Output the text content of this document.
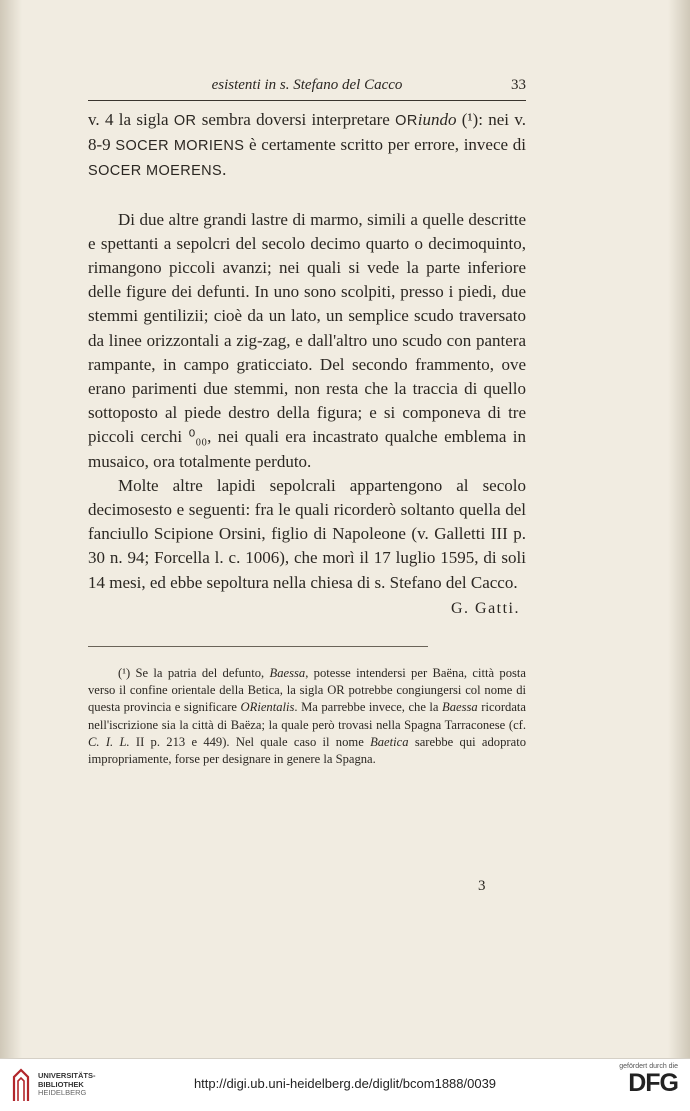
esistenti in s. Stefano del Cacco	33

v. 4 la sigla OR sembra doversi interpretare ORiundo (¹): nei v. 8-9 SOCER MORIENS è certamente scritto per errore, invece di SOCER MOERENS.

Di due altre grandi lastre di marmo, simili a quelle descritte e spettanti a sepolcri del secolo decimo quarto o decimoquinto, rimangono piccoli avanzi; nei quali si vede la parte inferiore delle figure dei defunti. In uno sono scolpiti, presso i piedi, due stemmi gentilizii; cioè da un lato, un semplice scudo traversato da linee orizzontali a zig-zag, e dall'altro uno scudo con pantera rampante, in campo graticciato. Del secondo frammento, ove erano parimenti due stemmi, non resta che la traccia di quello sottoposto al piede destro della figura; e si componeva di tre piccoli cerchi ⁰₀₀, nei quali era incastrato qualche emblema in musaico, ora totalmente perduto.

Molte altre lapidi sepolcrali appartengono al secolo decimosesto e seguenti: fra le quali ricorderò soltanto quella del fanciullo Scipione Orsini, figlio di Napoleone (v. Galletti III p. 30 n. 94; Forcella l. c. 1006), che morì il 17 luglio 1595, di soli 14 mesi, ed ebbe sepoltura nella chiesa di s. Stefano del Cacco.

G. Gatti.

(¹) Se la patria del defunto, Baessa, potesse intendersi per Baëna, città posta verso il confine orientale della Betica, la sigla OR potrebbe congiungersi col nome di questa provincia e significare ORientalis. Ma parrebbe invece, che la Baessa ricordata nell'iscrizione sia la città di Baëza; la quale però trovasi nella Spagna Tarraconese (cf. C. I. L. II p. 213 e 449). Nel quale caso il nome Baetica sarebbe qui adoprato impropriamente, forse per designare in genere la Spagna.

3
UNIVERSITÄTS-
BIBLIOTHEK
HEIDELBERG
http://digi.ub.uni-heidelberg.de/diglit/bcom1888/0039
gefördert durch die
DFG
